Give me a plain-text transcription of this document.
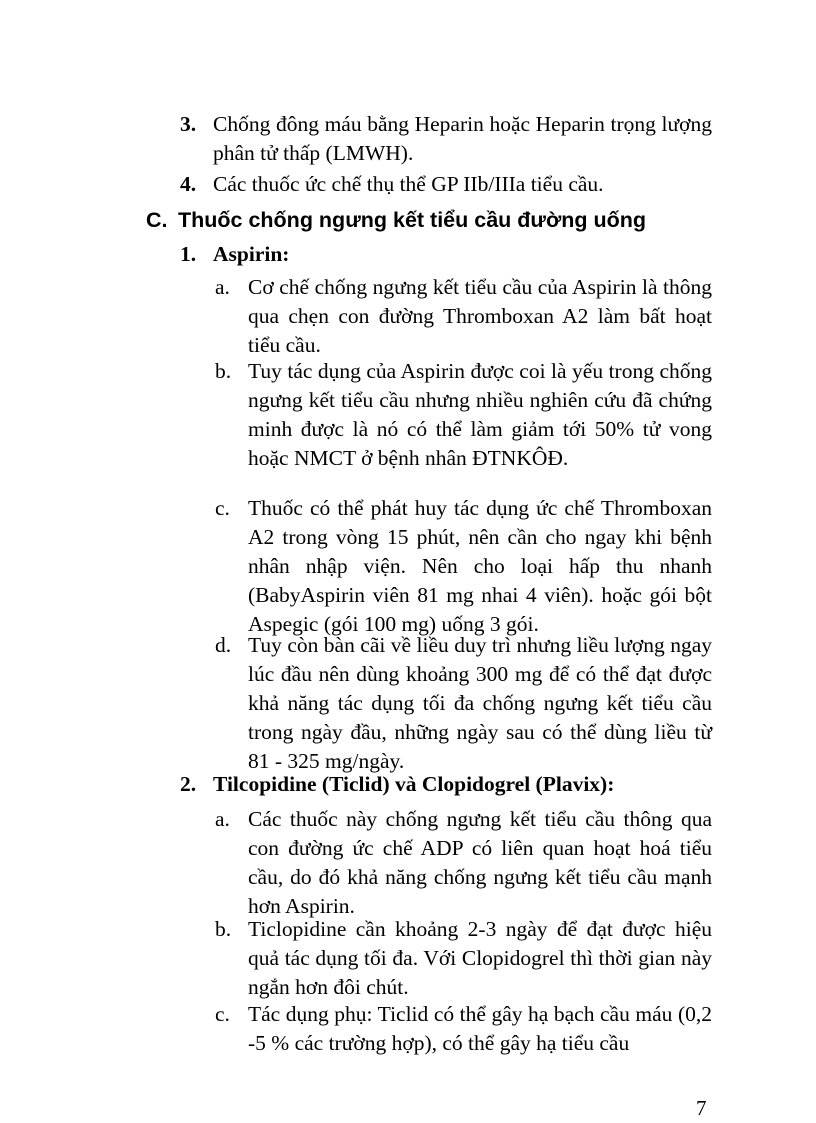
3. Chống đông máu bằng Heparin hoặc Heparin trọng lượng phân tử thấp (LMWH).
4. Các thuốc ức chế thụ thể GP IIb/IIIa tiểu cầu.
C. Thuốc chống ngưng kết tiểu cầu đường uống
1. Aspirin:
a. Cơ chế chống ngưng kết tiểu cầu của Aspirin là thông qua chẹn con đường Thromboxan A2 làm bất hoạt tiểu cầu.
b. Tuy tác dụng của Aspirin được coi là yếu trong chống ngưng kết tiểu cầu nhưng nhiều nghiên cứu đã chứng minh được là nó có thể làm giảm tới 50% tử vong hoặc NMCT ở bệnh nhân ĐTNKÔĐ.
c. Thuốc có thể phát huy tác dụng ức chế Thromboxan A2 trong vòng 15 phút, nên cần cho ngay khi bệnh nhân nhập viện. Nên cho loại hấp thu nhanh (BabyAspirin viên 81 mg nhai 4 viên). hoặc gói bột Aspegic (gói 100 mg) uống 3 gói.
d. Tuy còn bàn cãi về liều duy trì nhưng liều lượng ngay lúc đầu nên dùng khoảng 300 mg để có thể đạt được khả năng tác dụng tối đa chống ngưng kết tiểu cầu trong ngày đầu, những ngày sau có thể dùng liều từ 81 - 325 mg/ngày.
2. Tilcopidine (Ticlid) và Clopidogrel (Plavix):
a. Các thuốc này chống ngưng kết tiểu cầu thông qua con đường ức chế ADP có liên quan hoạt hoá tiểu cầu, do đó khả năng chống ngưng kết tiểu cầu mạnh hơn Aspirin.
b. Ticlopidine cần khoảng 2-3 ngày để đạt được hiệu quả tác dụng tối đa. Với Clopidogrel thì thời gian này ngắn hơn đôi chút.
c. Tác dụng phụ: Ticlid có thể gây hạ bạch cầu máu (0,2 -5 % các trường hợp), có thể gây hạ tiểu cầu
7
